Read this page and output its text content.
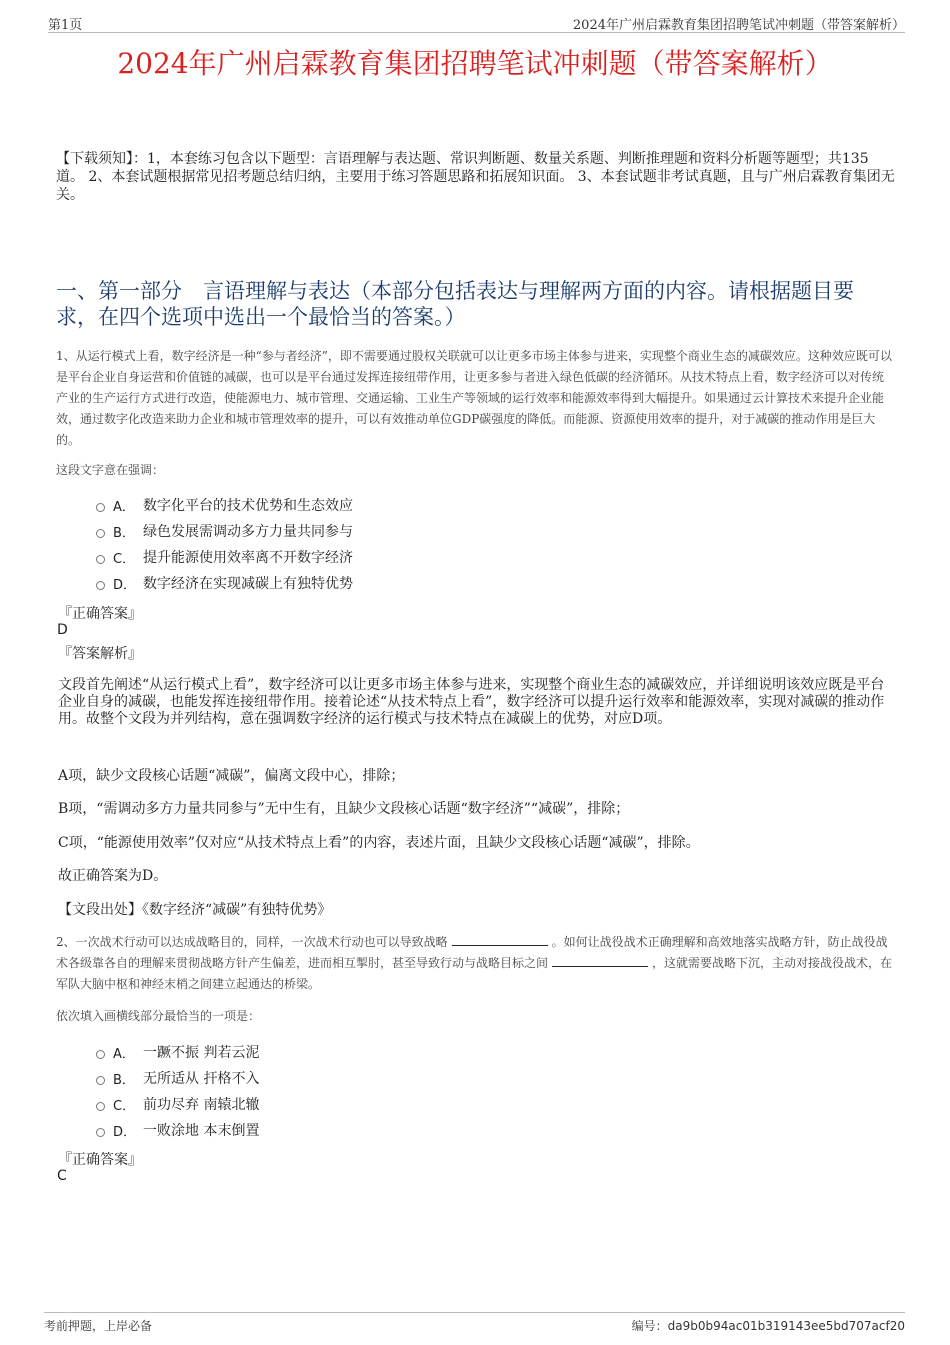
第1页	2024年广州启霖教育集团招聘笔试冲刺题（带答案解析）
2024年广州启霖教育集团招聘笔试冲刺题（带答案解析）
【下载须知】：1，本套练习包含以下题型：言语理解与表达题、常识判断题、数量关系题、判断推理题和资料分析题等题型；共135道。 2、本套试题根据常见招考题总结归纳，主要用于练习答题思路和拓展知识面。 3、本套试题非考试真题，且与广州启霖教育集团无关。
一、第一部分　言语理解与表达（本部分包括表达与理解两方面的内容。请根据题目要求，在四个选项中选出一个最恰当的答案。）
1、从运行模式上看，数字经济是一种“参与者经济”，即不需要通过股权关联就可以让更多市场主体参与进来，实现整个商业生态的减碳效应。这种效应既可以是平台企业自身运营和价值链的减碳，也可以是平台通过发挥连接纽带作用，让更多参与者进入绿色低碳的经济循环。从技术特点上看，数字经济可以对传统产业的生产运行方式进行改造，使能源电力、城市管理、交通运输、工业生产等领域的运行效率和能源效率得到大幅提升。如果通过云计算技术来提升企业能效，通过数字化改造来助力企业和城市管理效率的提升，可以有效推动单位GDP碳强度的降低。而能源、资源使用效率的提升，对于减碳的推动作用是巨大的。
这段文字意在强调：
A． 数字化平台的技术优势和生态效应
B． 绿色发展需调动多方力量共同参与
C． 提升能源使用效率离不开数字经济
D． 数字经济在实现减碳上有独特优势
『正确答案』
D
『答案解析』
文段首先阐述“从运行模式上看”，数字经济可以让更多市场主体参与进来，实现整个商业生态的减碳效应，并详细说明该效应既是平台企业自身的减碳，也能发挥连接纽带作用。接着论述“从技术特点上看”，数字经济可以提升运行效率和能源效率，实现对减碳的推动作用。故整个文段为并列结构，意在强调数字经济的运行模式与技术特点在减碳上的优势，对应D项。
A项，缺少文段核心话题“减碳”，偏离文段中心，排除；
B项，“需调动多方力量共同参与”无中生有，且缺少文段核心话题“数字经济”“减碳”，排除；
C项，“能源使用效率”仅对应“从技术特点上看”的内容，表述片面，且缺少文段核心话题“减碳”，排除。
故正确答案为D。
【文段出处】《数字经济“减碳”有独特优势》
2、一次战术行动可以达成战略目的，同样，一次战术行动也可以导致战略	。如何让战役战术正确理解和高效地落实战略方针，防止战役战术各级靠各自的理解来贯彻战略方针产生偏差，进而相互掣肘，甚至导致行动与战略目标之间	，这就需要战略下沉，主动对接战役战术，在军队大脑中枢和神经末梢之间建立起通达的桥梁。
依次填入画横线部分最恰当的一项是：
A． 一蹶不振 判若云泥
B． 无所适从 扞格不入
C． 前功尽弃 南辕北辙
D． 一败涂地 本末倒置
『正确答案』
C
考前押题，上岸必备	编号：da9b0b94ac01b319143ee5bd707acf20
